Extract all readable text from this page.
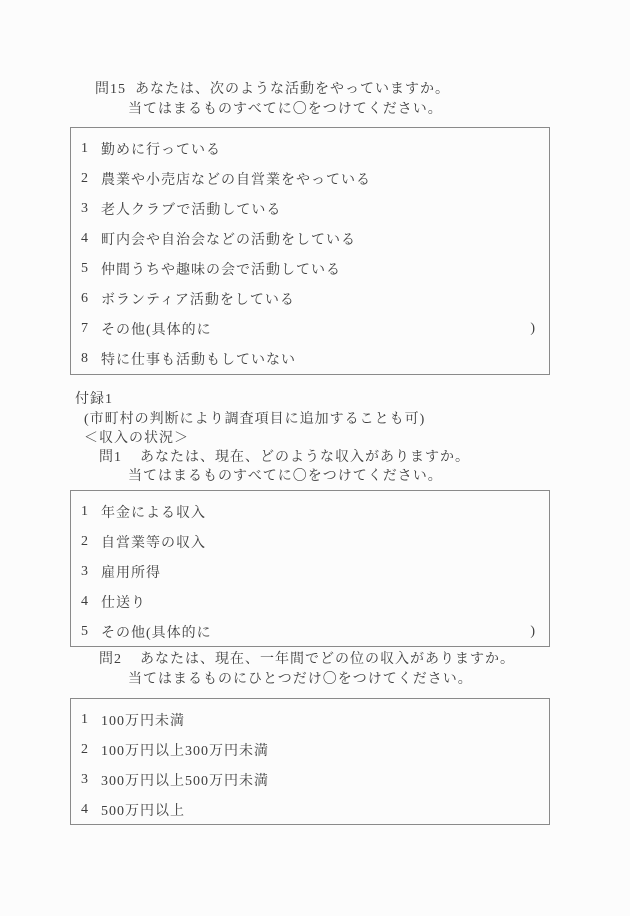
問15 あなたは、次のような活動をやっていますか。
当てはまるものすべてに〇をつけてください。
1 勤めに行っている
2 農業や小売店などの自営業をやっている
3 老人クラブで活動している
4 町内会や自治会などの活動をしている
5 仲間うちや趣味の会で活動している
6 ボランティア活動をしている
7 その他(具体的に	)
8 特に仕事も活動もしていない
付録1
(市町村の判断により調査項目に追加することも可)
＜収入の状況＞
問1 あなたは、現在、どのような収入がありますか。
当てはまるものすべてに〇をつけてください。
1 年金による収入
2 自営業等の収入
3 雇用所得
4 仕送り
5 その他(具体的に	)
問2 あなたは、現在、一年間でどの位の収入がありますか。
当てはまるものにひとつだけ〇をつけてください。
1 100万円未満
2 100万円以上300万円未満
3 300万円以上500万円未満
4 500万円以上
